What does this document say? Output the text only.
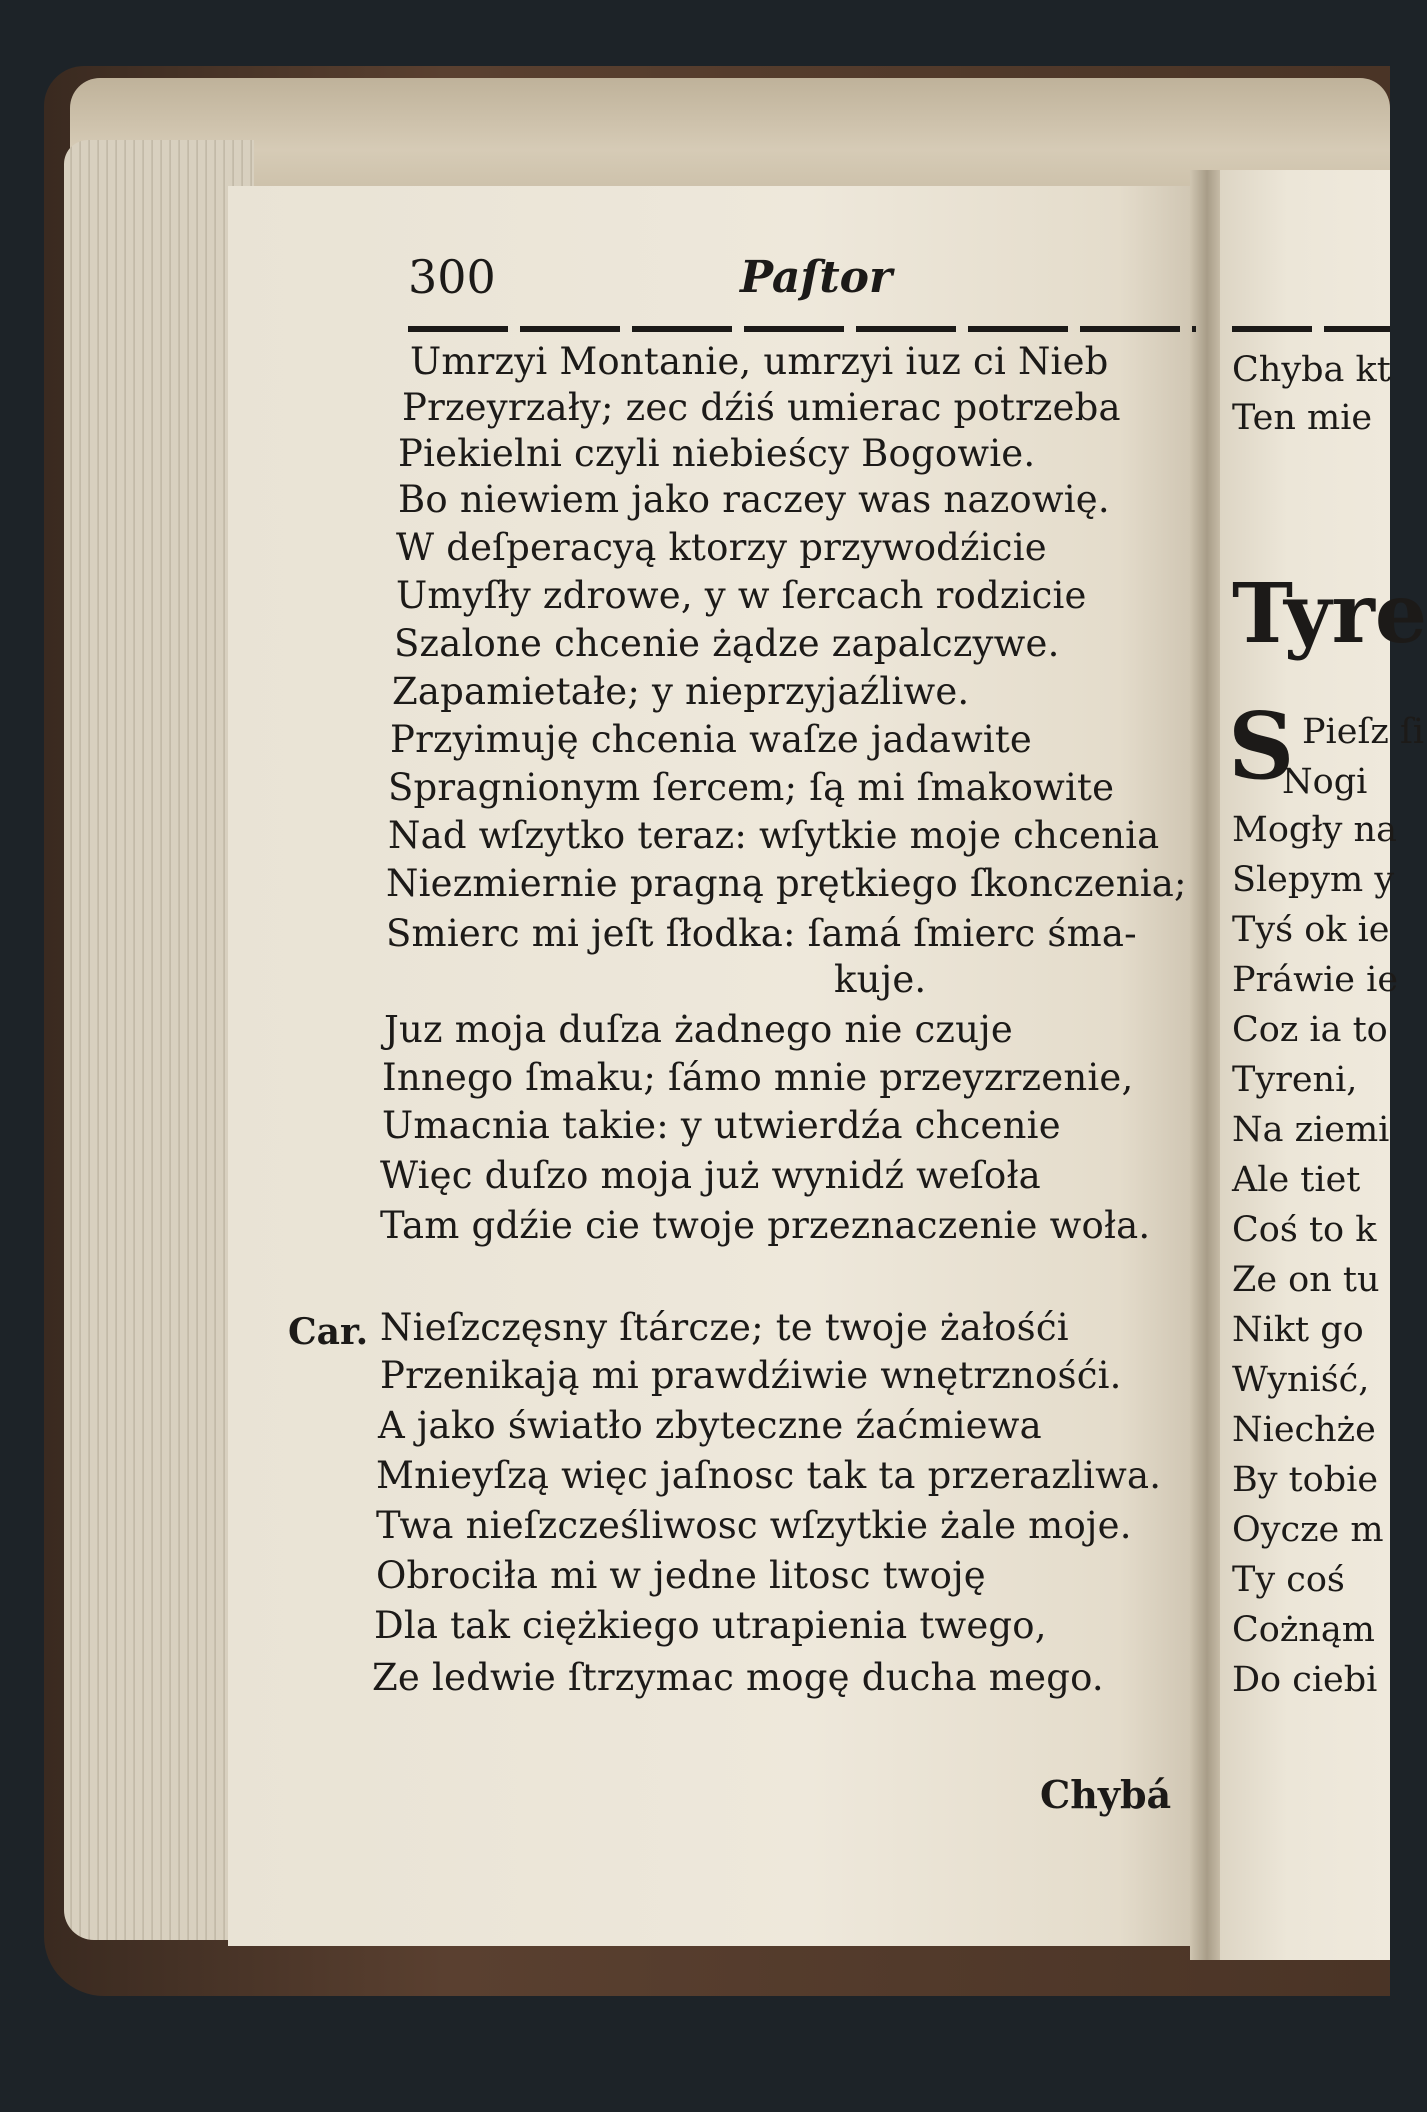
300	Paſtor
Umrzyi Montanie, umrzyi iuz ci Nieb
Przeyrzały; zec dźiś umierac potrzeba
Piekielni czyli niebieścy Bogowie.
Bo niewiem jako raczey was nazowię.
W deſperacyą ktorzy przywodźicie
Umyſły zdrowe, y w ſercach rodzicie
Szalone chcenie żądze zapalczywe.
Zapamietałe; y nieprzyjaźliwe.
Przyimuję chcenia waſze jadawite
Spragnionym ſercem; ſą mi ſmakowite
Nad wſzytko teraz: wſytkie moje chcenia
Niezmiernie pragną prętkiego ſkonczenia;
Smierc mi jeſt ſłodka: ſamá ſmierc śma-
kuje.
Juz moja duſza żadnego nie czuje
Innego ſmaku; ſámo mnie przeyzrzenie,
Umacnia takie: y utwierdźa chcenie
Więc duſzo moja już wynidź weſoła
Tam gdźie cie twoje przeznaczenie woła.
Nieſzczęsny ſtárcze; te twoje żałośći
Przenikają mi prawdźiwie wnętrznośći.
A jako światło zbyteczne źaćmiewa
Mnieyſzą więc jaſnosc tak ta przerazliwa.
Twa nieſzcześliwosc wſzytkie żale moje.
Obrociła mi w jedne litosc twoję
Dla tak ciężkiego utrapienia twego,
Ze ledwie ſtrzymac mogę ducha mego.
Car.
Chybá
Chyba kt
Ten mie
Tyre
S Pieſz ſi
Nogi
Mogły na
Slepym y
Tyś ok ie
Práwie ie
Coz ia to
Tyreni,
Na ziemi
Ale tiet
Coś to k
Ze on tu
Nikt go
Wyniść,
Niechże
By tobie
Oycze m
Ty coś
Cożnąm
Do ciebi
